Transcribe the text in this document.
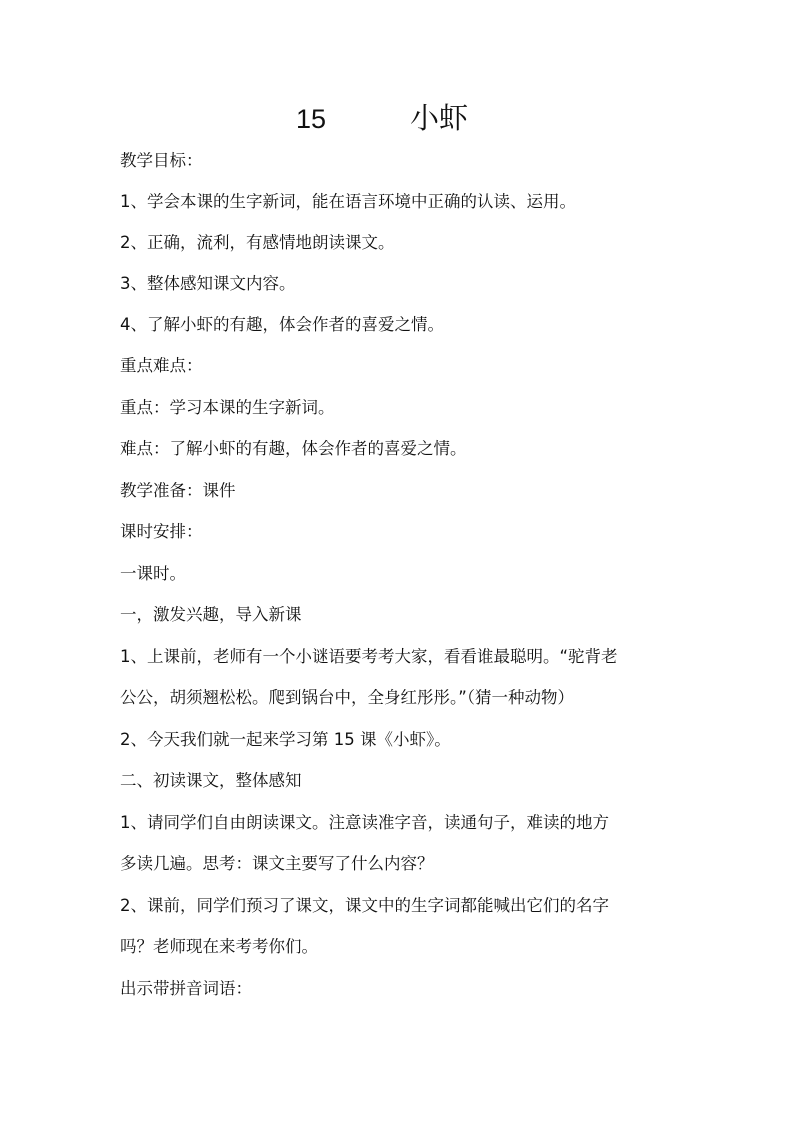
15	小虾
教学目标：
1、学会本课的生字新词，能在语言环境中正确的认读、运用。
2、正确，流利，有感情地朗读课文。
3、整体感知课文内容。
4、了解小虾的有趣，体会作者的喜爱之情。
重点难点：
重点：学习本课的生字新词。
难点：了解小虾的有趣，体会作者的喜爱之情。
教学准备：课件
课时安排：
一课时。
一，激发兴趣，导入新课
1、上课前，老师有一个小谜语要考考大家，看看谁最聪明。“驼背老
公公，胡须翘松松。爬到锅台中，全身红彤彤。”（猜一种动物）
2、今天我们就一起来学习第 15 课《小虾》。
二、初读课文，整体感知
1、请同学们自由朗读课文。注意读准字音，读通句子，难读的地方
多读几遍。思考：课文主要写了什么内容？
2、课前，同学们预习了课文，课文中的生字词都能喊出它们的名字
吗？老师现在来考考你们。
出示带拼音词语：
